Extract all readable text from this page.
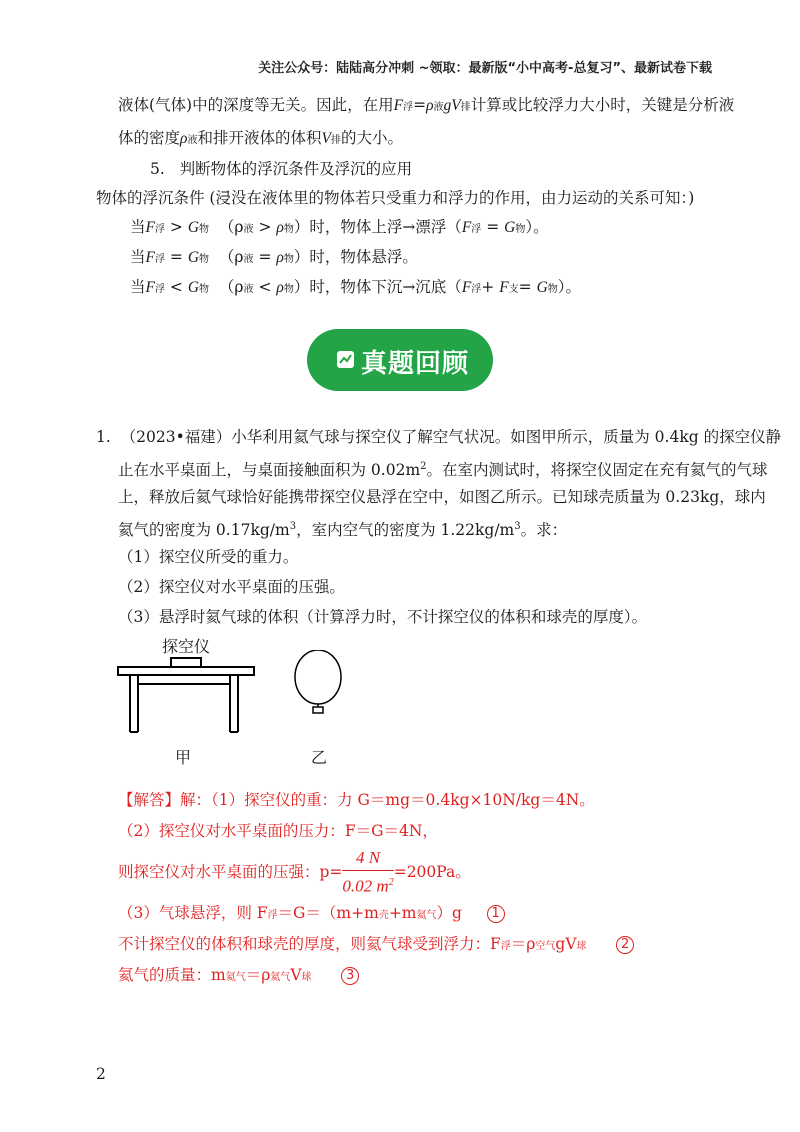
关注公众号：陆陆高分冲刺 ~领取：最新版“小中高考-总复习”、最新试卷下载
液体(气体)中的深度等无关。因此，在用F浮=ρ液gV排计算或比较浮力大小时，关键是分析液
体的密度ρ液和排开液体的体积V排的大小。
5. 判断物体的浮沉条件及浮沉的应用
物体的浮沉条件 (浸没在液体里的物体若只受重力和浮力的作用，由力运动的关系可知：)
当F浮 > G物 （ρ液 > ρ物）时，物体上浮→漂浮（F浮 = G物）。
当F浮 = G物 （ρ液 = ρ物）时，物体悬浮。
当F浮 < G物 （ρ液 < ρ物）时，物体下沉→沉底（F浮+ F支= G物）。
真题回顾
1. （2023•福建）小华利用氦气球与探空仪了解空气状况。如图甲所示，质量为 0.4kg 的探空仪静
止在水平桌面上，与桌面接触面积为 $0.02m^2$。在室内测试时，将探空仪固定在充有氦气的气球
上，释放后氦气球恰好能携带探空仪悬浮在空中，如图乙所示。已知球壳质量为 0.23kg，球内
氦气的密度为 $0.17kg/m^3$，室内空气的密度为 $1.22kg/m^3$。求：
（1）探空仪所受的重力。
（2）探空仪对水平桌面的压强。
（3）悬浮时氦气球的体积（计算浮力时，不计探空仪的体积和球壳的厚度）。
探空仪
甲	乙
【解答】解：（1）探空仪的重：力 G＝mg＝0.4kg×10N/kg＝4N。
（2）探空仪对水平桌面的压力：F＝G＝4N，
则探空仪对水平桌面的压强：$p= \frac{4 N}{0.02 m^2} =200Pa$。
（3）气球悬浮，则 F浮＝G＝（m+m壳+m氦气）g 1
不计探空仪的体积和球壳的厚度，则氦气球受到浮力：F浮＝ρ空气gV球	2
氦气的质量：m氦气＝ρ氦气V球	3
2
